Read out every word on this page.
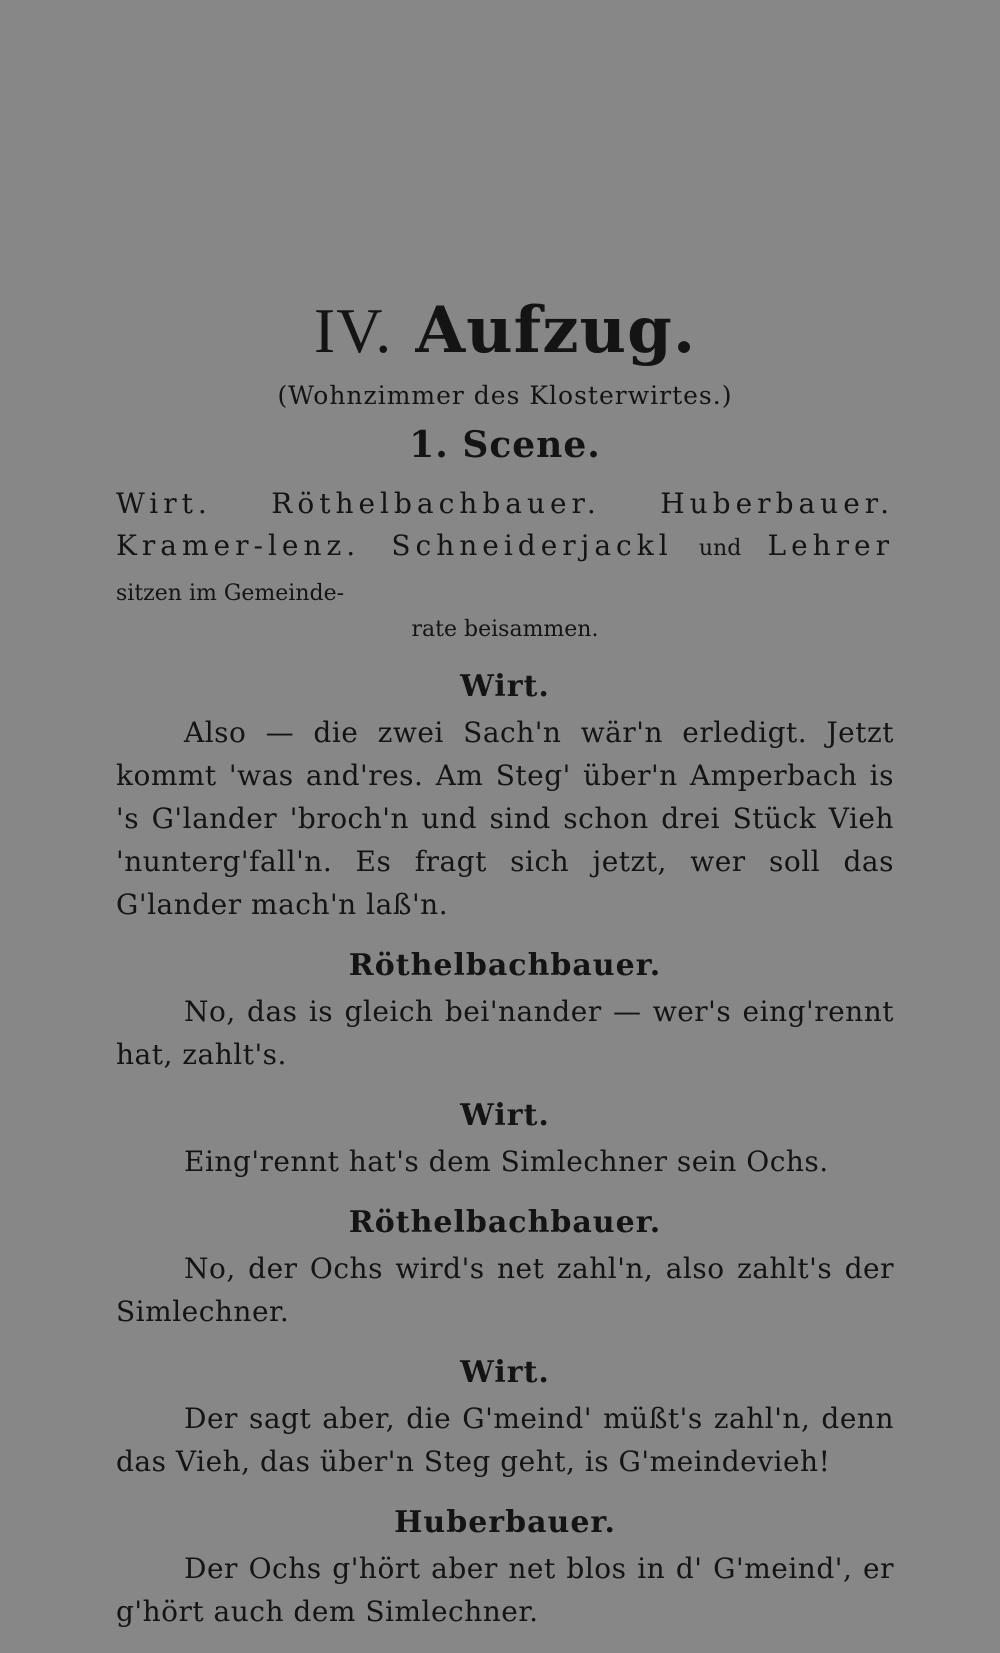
IV. Aufzug.

(Wohnzimmer des Klosterwirtes.)

1. Scene.

Wirt. Röthelbachbauer. Huberbauer. Kramer-lenz. Schneiderjackl und Lehrer sitzen im Gemeinde-

rate beisammen.

Wirt.

Also — die zwei Sach'n wär'n erledigt. Jetzt kommt 'was and'res. Am Steg' über'n Amperbach is 's G'lander 'broch'n und sind schon drei Stück Vieh 'nunterg'fall'n. Es fragt sich jetzt, wer soll das G'lander mach'n laß'n.

Röthelbachbauer.

No, das is gleich bei'nander — wer's eing'rennt hat, zahlt's.

Wirt.

Eing'rennt hat's dem Simlechner sein Ochs.

Röthelbachbauer.

No, der Ochs wird's net zahl'n, also zahlt's der Simlechner.

Wirt.

Der sagt aber, die G'meind' müßt's zahl'n, denn das Vieh, das über'n Steg geht, is G'meindevieh!

Huberbauer.

Der Ochs g'hört aber net blos in d' G'meind', er g'hört auch dem Simlechner.
